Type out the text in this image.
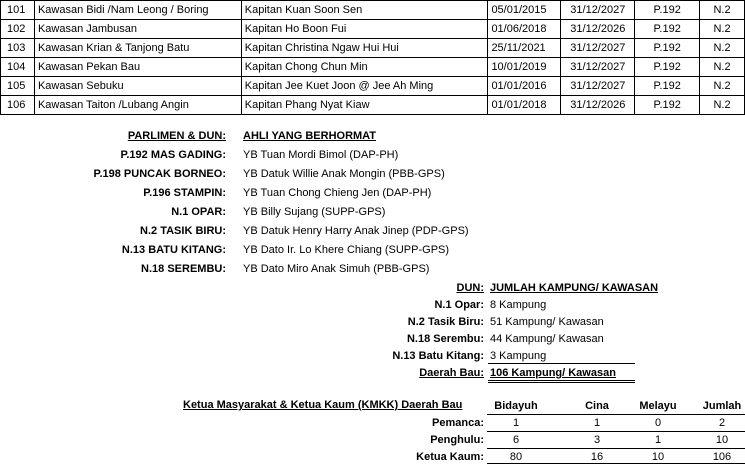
101	Kawasan Bidi /Nam Leong / Boring	Kapitan Kuan Soon Sen	05/01/2015	31/12/2027	P.192	N.2
102	Kawasan Jambusan	Kapitan Ho Boon Fui	01/06/2018	31/12/2026	P.192	N.2
103	Kawasan Krian & Tanjong Batu	Kapitan Christina Ngaw Hui Hui	25/11/2021	31/12/2027	P.192	N.2
104	Kawasan Pekan Bau	Kapitan Chong Chun Min	10/01/2019	31/12/2027	P.192	N.2
105	Kawasan Sebuku	Kapitan Jee Kuet Joon @ Jee Ah Ming	01/01/2016	31/12/2027	P.192	N.2
106	Kawasan Taiton /Lubang Angin	Kapitan Phang Nyat Kiaw	01/01/2018	31/12/2026	P.192	N.2
PARLIMEN & DUN: AHLI YANG BERHORMAT
P.192 MAS GADING: YB Tuan Mordi Bimol (DAP-PH)
P.198 PUNCAK BORNEO: YB Datuk Willie Anak Mongin (PBB-GPS)
P.196 STAMPIN: YB Tuan Chong Chieng Jen (DAP-PH)
N.1 OPAR: YB Billy Sujang (SUPP-GPS)
N.2 TASIK BIRU: YB Datuk Henry Harry Anak Jinep (PDP-GPS)
N.13 BATU KITANG: YB Dato Ir. Lo Khere Chiang (SUPP-GPS)
N.18 SEREMBU: YB Dato Miro Anak Simuh (PBB-GPS)
DUN: JUMLAH KAMPUNG/ KAWASAN
N.1 Opar: 8 Kampung
N.2 Tasik Biru: 51 Kampung/ Kawasan
N.18 Serembu: 44 Kampung/ Kawasan
N.13 Batu Kitang: 3 Kampung
Daerah Bau: 106 Kampung/ Kawasan
Ketua Masyarakat & Ketua Kaum (KMKK) Daerah Bau	Bidayuh	Cina	Melayu	Jumlah
Pemanca:	1	1	0	2
Penghulu:	6	3	1	10
Ketua Kaum:	80	16	10	106
